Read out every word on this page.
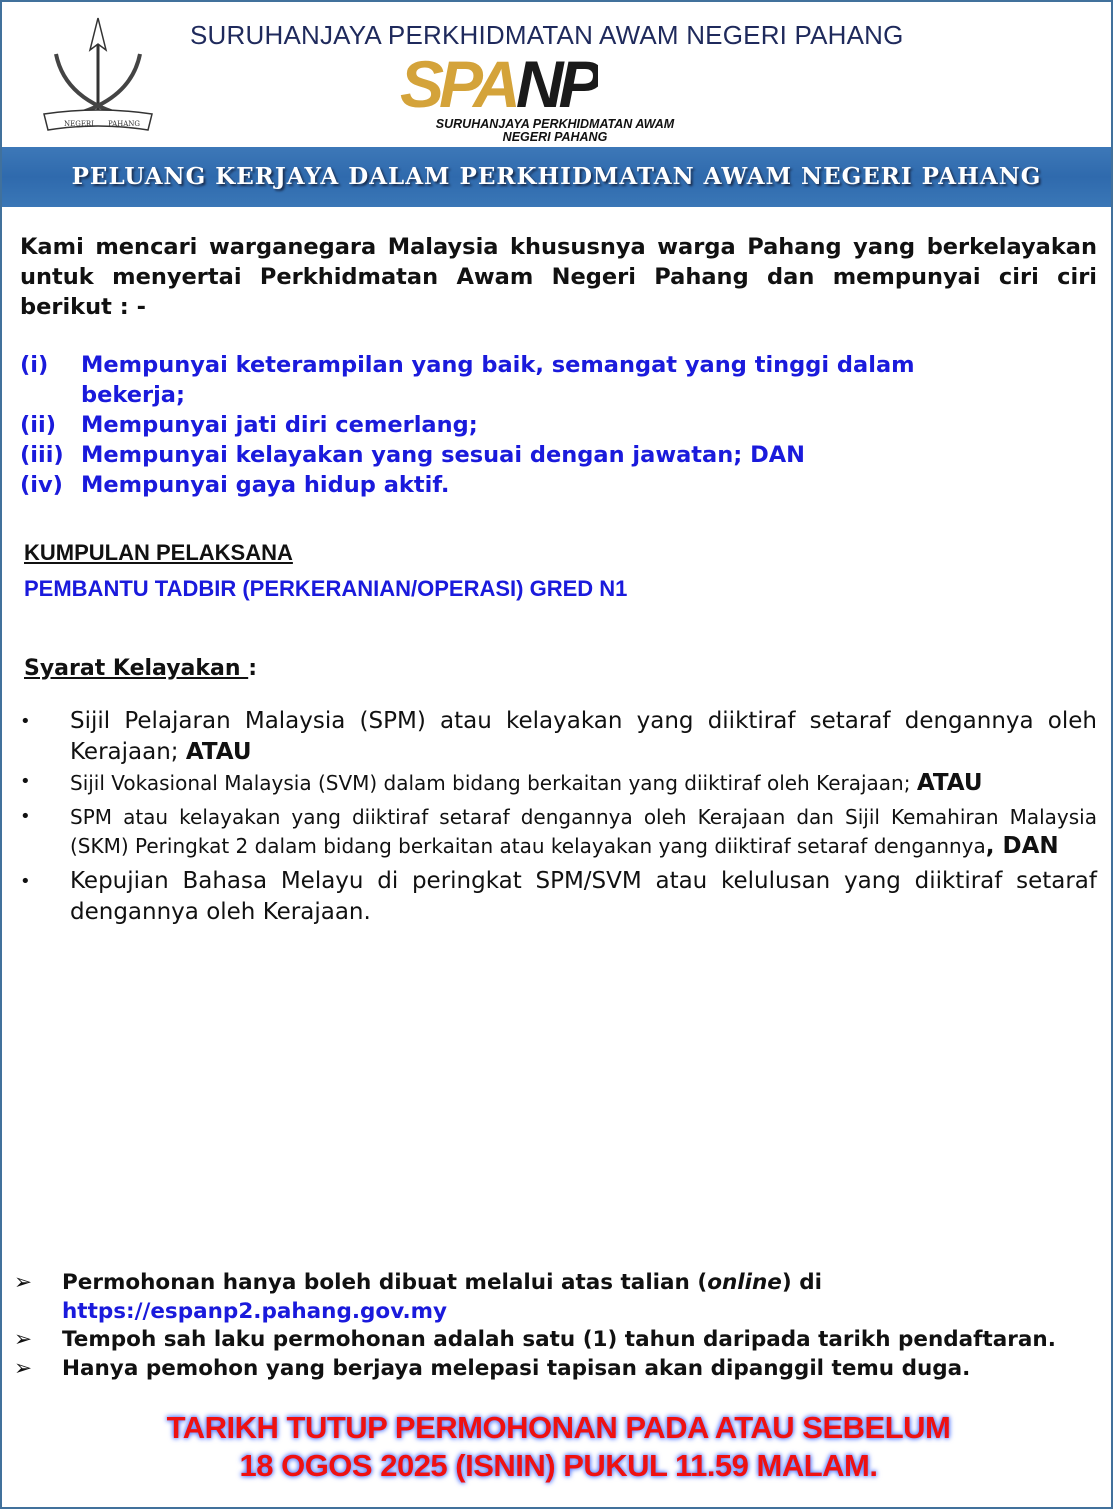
NEGERI PAHANG
SURUHANJAYA PERKHIDMATAN AWAM NEGERI PAHANG
SPANP
SURUHANJAYA PERKHIDMATAN AWAM
NEGERI PAHANG
PELUANG KERJAYA DALAM PERKHIDMATAN AWAM NEGERI PAHANG
Kami mencari warganegara Malaysia khususnya warga Pahang yang berkelayakan untuk menyertai Perkhidmatan Awam Negeri Pahang dan mempunyai ciri ciri berikut : -
(i)	Mempunyai keterampilan yang baik, semangat yang tinggi dalam bekerja;
(ii)	Mempunyai jati diri cemerlang;
(iii) Mempunyai kelayakan yang sesuai dengan jawatan; DAN
(iv) Mempunyai gaya hidup aktif.
KUMPULAN PELAKSANA
PEMBANTU TADBIR (PERKERANIAN/OPERASI) GRED N1
Syarat Kelayakan :
•	Sijil Pelajaran Malaysia (SPM) atau kelayakan yang diiktiraf setaraf dengannya oleh Kerajaan; ATAU
•	Sijil Vokasional Malaysia (SVM) dalam bidang berkaitan yang diiktiraf oleh Kerajaan; ATAU
•	SPM atau kelayakan yang diiktiraf setaraf dengannya oleh Kerajaan dan Sijil Kemahiran Malaysia (SKM) Peringkat 2 dalam bidang berkaitan atau kelayakan yang diiktiraf setaraf dengannya, DAN
•	Kepujian Bahasa Melayu di peringkat SPM/SVM atau kelulusan yang diiktiraf setaraf dengannya oleh Kerajaan.
➢	Permohonan hanya boleh dibuat melalui atas talian (online) di
https://espanp2.pahang.gov.my
➢	Tempoh sah laku permohonan adalah satu (1) tahun daripada tarikh pendaftaran.
➢	Hanya pemohon yang berjaya melepasi tapisan akan dipanggil temu duga.
TARIKH TUTUP PERMOHONAN PADA ATAU SEBELUM
18 OGOS 2025 (ISNIN) PUKUL 11.59 MALAM.
